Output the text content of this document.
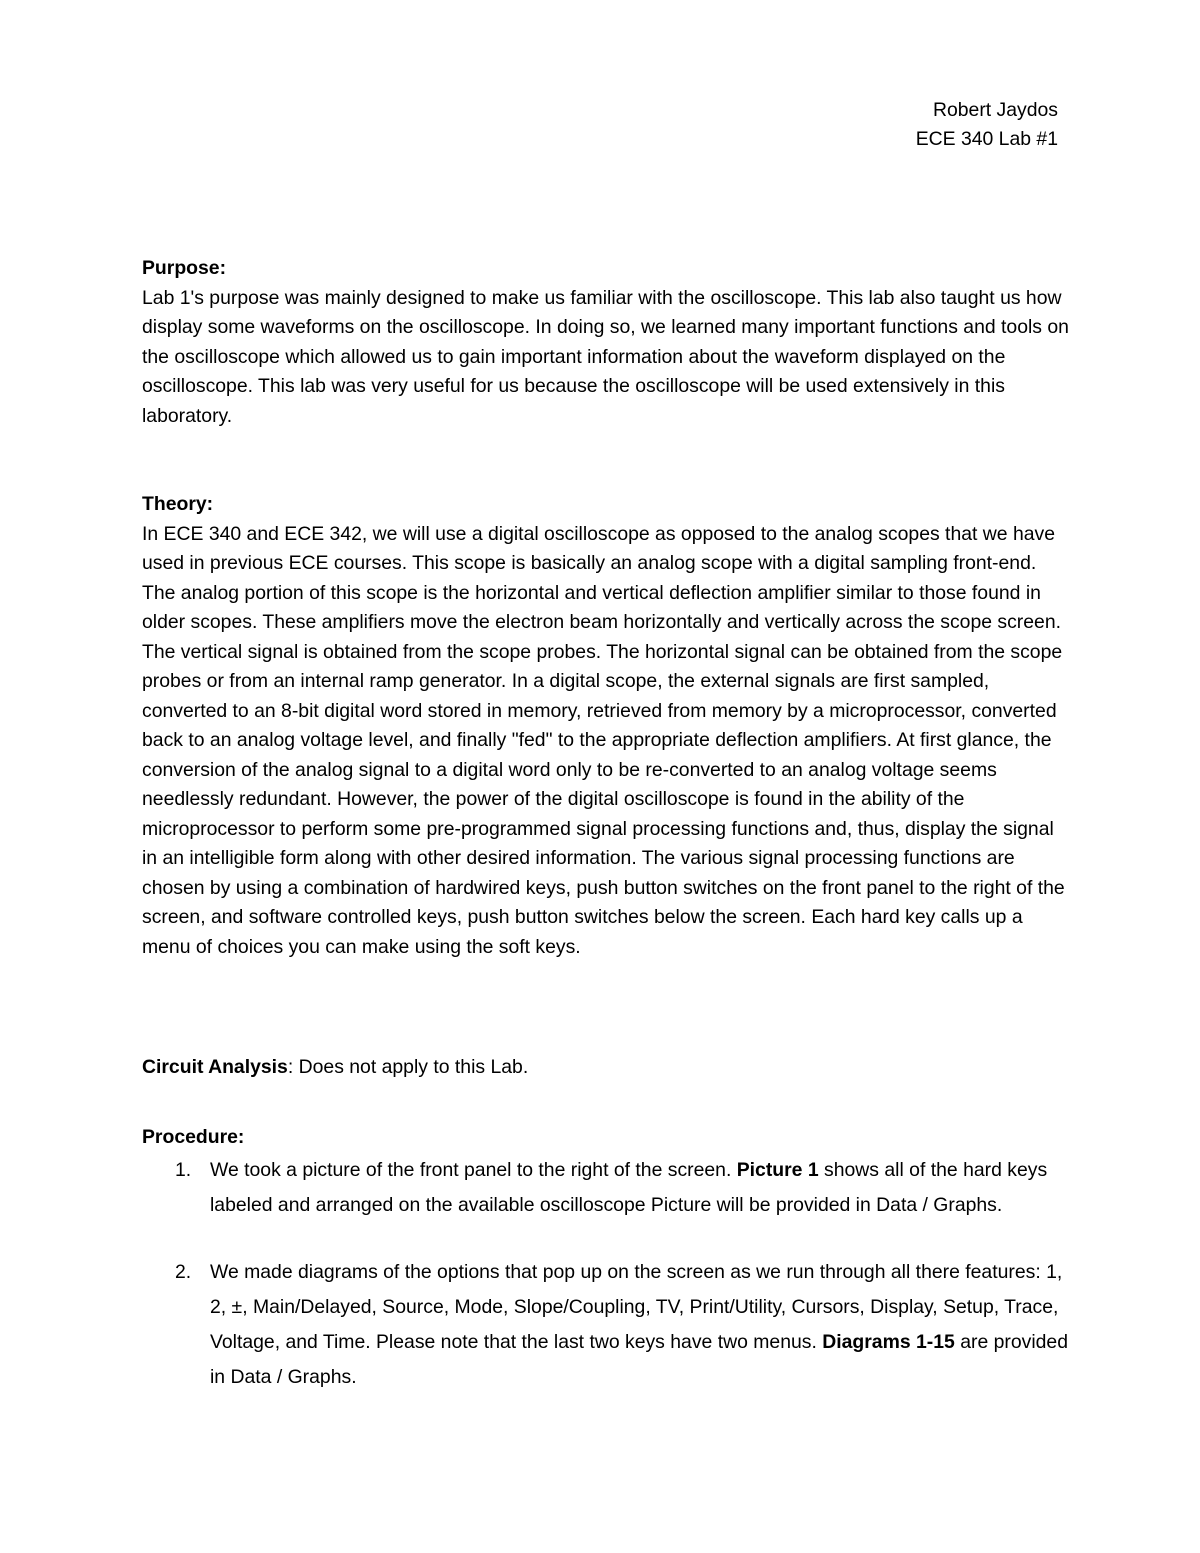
Robert Jaydos
ECE 340 Lab #1
Purpose:

Lab 1's purpose was mainly designed to make us familiar with the oscilloscope. This lab also taught us how display some waveforms on the oscilloscope. In doing so, we learned many important functions and tools on the oscilloscope which allowed us to gain important information about the waveform displayed on the oscilloscope. This lab was very useful for us because the oscilloscope will be used extensively in this laboratory.

Theory:

In ECE 340 and ECE 342, we will use a digital oscilloscope as opposed to the analog scopes that we have used in previous ECE courses. This scope is basically an analog scope with a digital sampling front-end. The analog portion of this scope is the horizontal and vertical deflection amplifier similar to those found in older scopes. These amplifiers move the electron beam horizontally and vertically across the scope screen. The vertical signal is obtained from the scope probes. The horizontal signal can be obtained from the scope probes or from an internal ramp generator. In a digital scope, the external signals are first sampled, converted to an 8-bit digital word stored in memory, retrieved from memory by a microprocessor, converted back to an analog voltage level, and finally "fed" to the appropriate deflection amplifiers. At first glance, the conversion of the analog signal to a digital word only to be re-converted to an analog voltage seems needlessly redundant. However, the power of the digital oscilloscope is found in the ability of the microprocessor to perform some pre-programmed signal processing functions and, thus, display the signal in an intelligible form along with other desired information. The various signal processing functions are chosen by using a combination of hardwired keys, push button switches on the front panel to the right of the screen, and software controlled keys, push button switches below the screen. Each hard key calls up a menu of choices you can make using the soft keys.

Circuit Analysis: Does not apply to this Lab.

Procedure:
1. We took a picture of the front panel to the right of the screen. Picture 1 shows all of the hard keys labeled and arranged on the available oscilloscope Picture will be provided in Data / Graphs.
2. We made diagrams of the options that pop up on the screen as we run through all there features: 1, 2, ±, Main/Delayed, Source, Mode, Slope/Coupling, TV, Print/Utility, Cursors, Display, Setup, Trace, Voltage, and Time. Please note that the last two keys have two menus. Diagrams 1-15 are provided in Data / Graphs.
